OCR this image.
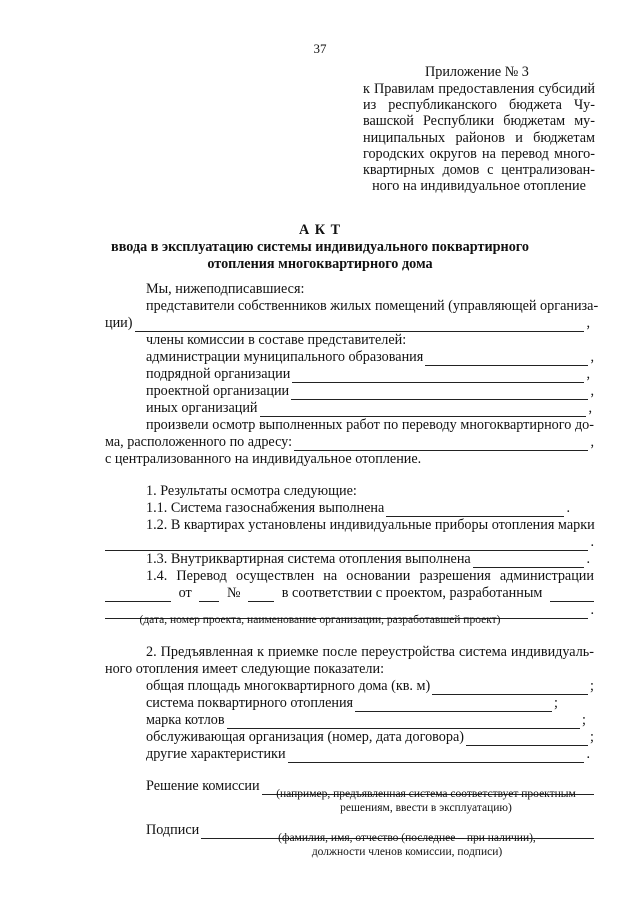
37
Приложение № 3
к Правилам предоставления субсидий
из республиканского бюджета Чу-
вашской Республики бюджетам му-
ниципальных районов и бюджетам
городских округов на перевод много-
квартирных домов с централизован-
ного на индивидуальное отопление
А К Т
ввода в эксплуатацию системы индивидуального поквартирного
отопления многоквартирного дома
Мы, нижеподписавшиеся:
представители собственников жилых помещений (управляющей организа-
ции)	,
члены комиссии в составе представителей:
администрации муниципального образования	,
подрядной организации	,
проектной организации	,
иных организаций	,
произвели осмотр выполненных работ по переводу многоквартирного до-
ма, расположенного по адресу:	,
с централизованного на индивидуальное отопление.
1. Результаты осмотра следующие:
1.1. Система газоснабжения выполнена	.
1.2. В квартирах установлены индивидуальные приборы отопления марки
.
1.3. Внутриквартирная система отопления выполнена	.
1.4. Перевод осуществлен на основании разрешения администрации
от №	в соответствии с проектом, разработанным
.
(дата, номер проекта, наименование организации, разработавшей проект)
2. Предъявленная к приемке после переустройства система индивидуаль-
ного отопления имеет следующие показатели:
общая площадь многоквартирного дома (кв. м)	;
система поквартирного отопления	;
марка котлов	;
обслуживающая организация (номер, дата договора)	;
другие характеристики	.
Решение комиссии	(например, предъявленная система соответствует проектным
решениям, ввести в эксплуатацию)
Подписи	(фамилия, имя, отчество (последнее – при наличии),
должности членов комиссии, подписи)
